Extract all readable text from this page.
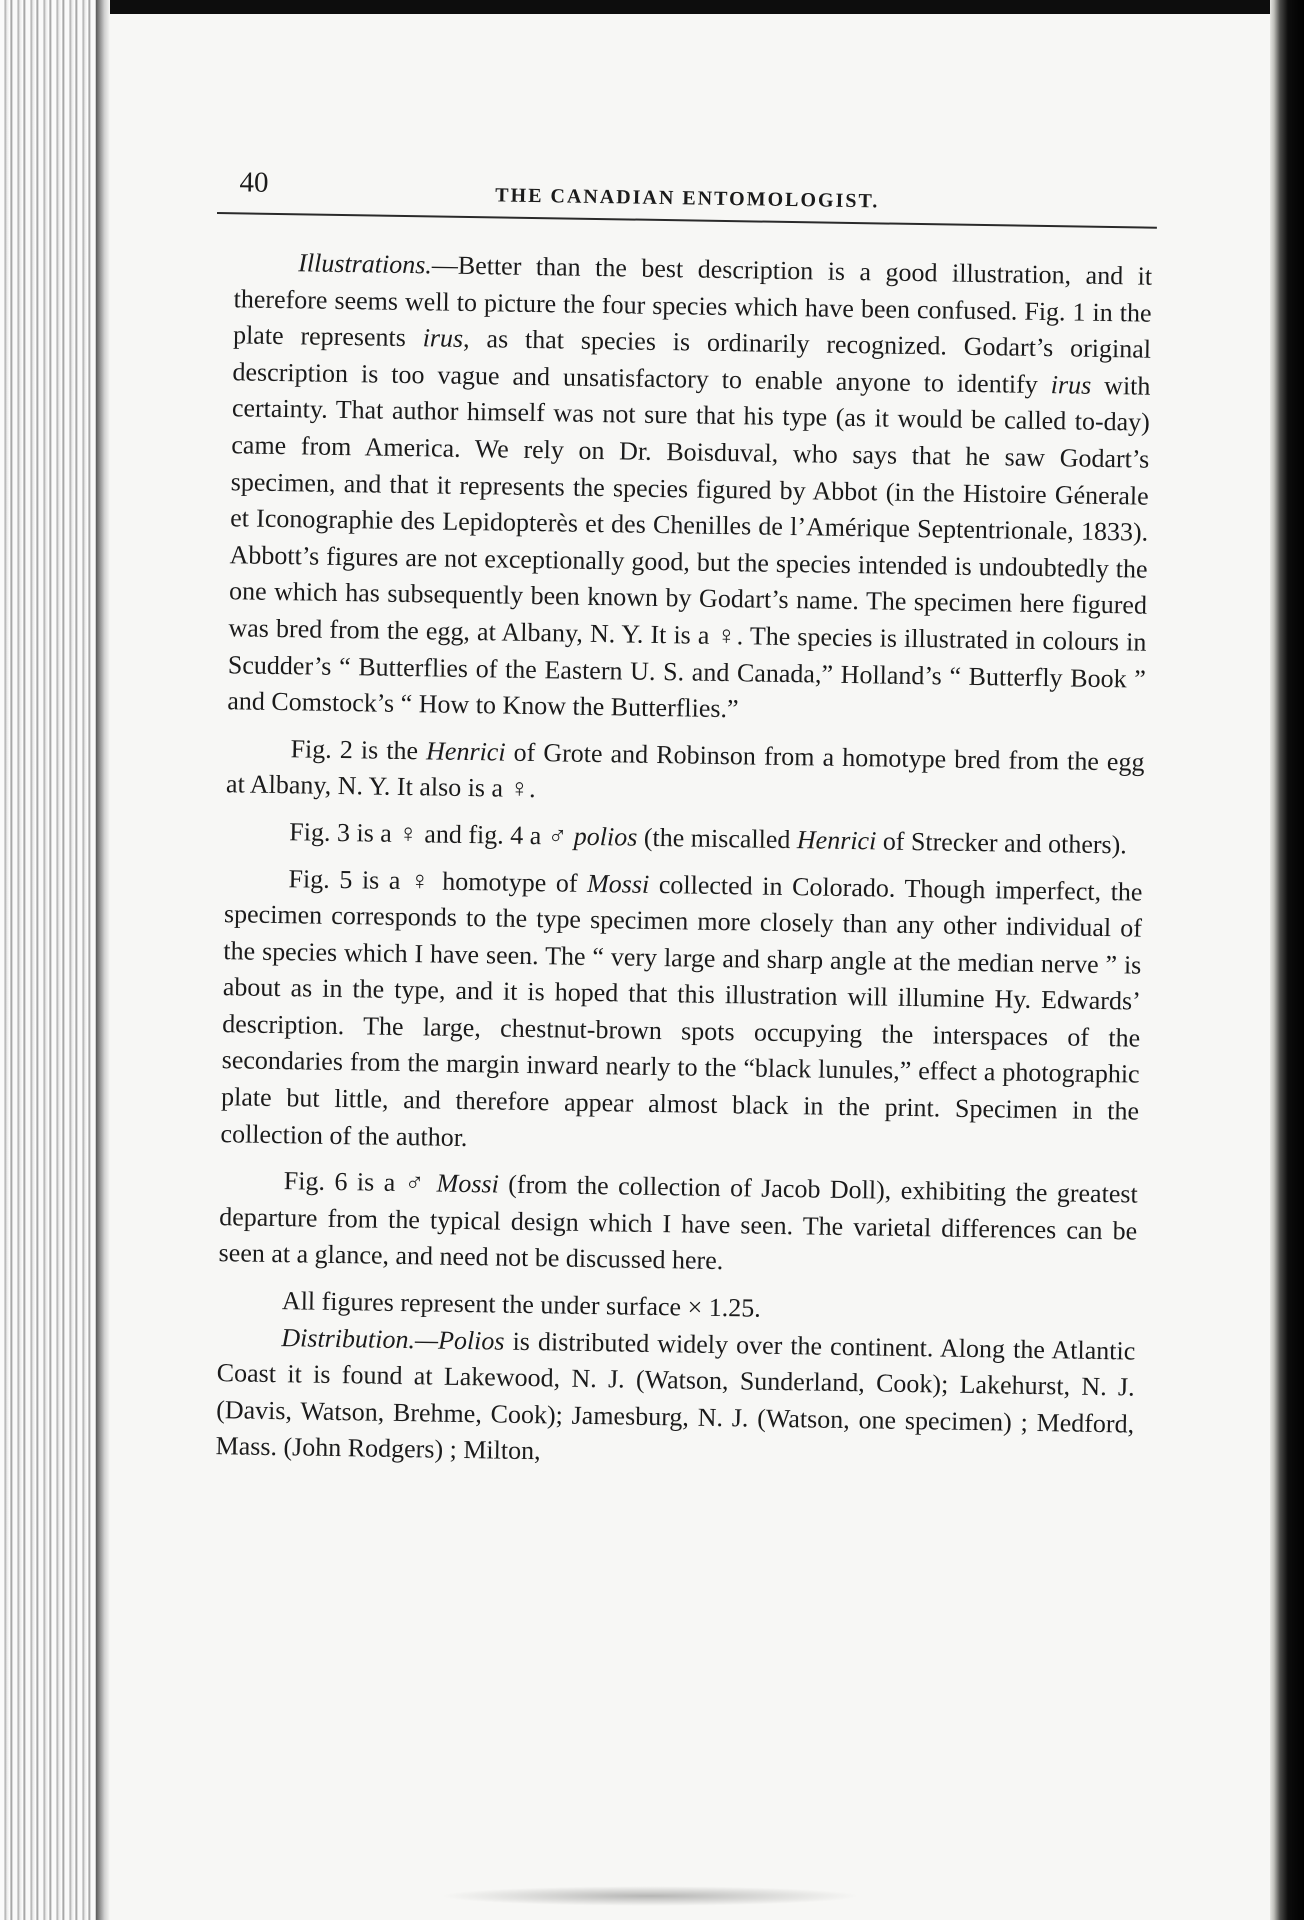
40	THE CANADIAN ENTOMOLOGIST.

Illustrations.—Better than the best description is a good illustration, and it therefore seems well to picture the four species which have been confused. Fig. 1 in the plate represents irus, as that species is ordinarily recognized. Godart’s original description is too vague and unsatisfactory to enable anyone to identify irus with certainty. That author himself was not sure that his type (as it would be called to-day) came from America. We rely on Dr. Boisduval, who says that he saw Godart’s specimen, and that it represents the species figured by Abbot (in the Histoire Génerale et Iconographie des Lepidopterès et des Chenilles de l’Amérique Septentrionale, 1833). Abbott’s figures are not exceptionally good, but the species intended is undoubtedly the one which has subsequently been known by Godart’s name. The specimen here figured was bred from the egg, at Albany, N. Y. It is a ♀. The species is illustrated in colours in Scudder’s “ Butterflies of the Eastern U. S. and Canada,” Holland’s “ Butterfly Book ” and Comstock’s “ How to Know the Butterflies.”

Fig. 2 is the Henrici of Grote and Robinson from a homotype bred from the egg at Albany, N. Y. It also is a ♀.

Fig. 3 is a ♀ and fig. 4 a ♂ polios (the miscalled Henrici of Strecker and others).

Fig. 5 is a ♀ homotype of Mossi collected in Colorado. Though imperfect, the specimen corresponds to the type specimen more closely than any other individual of the species which I have seen. The “ very large and sharp angle at the median nerve ” is about as in the type, and it is hoped that this illustration will illumine Hy. Edwards’ description. The large, chestnut-brown spots occupying the interspaces of the secondaries from the margin inward nearly to the “black lunules,” effect a photographic plate but little, and therefore appear almost black in the print. Specimen in the collection of the author.

Fig. 6 is a ♂ Mossi (from the collection of Jacob Doll), exhibiting the greatest departure from the typical design which I have seen. The varietal differences can be seen at a glance, and need not be discussed here.

All figures represent the under surface × 1.25.

Distribution.—Polios is distributed widely over the continent. Along the Atlantic Coast it is found at Lakewood, N. J. (Watson, Sunderland, Cook); Lakehurst, N. J. (Davis, Watson, Brehme, Cook); Jamesburg, N. J. (Watson, one specimen) ; Medford, Mass. (John Rodgers) ; Milton,
